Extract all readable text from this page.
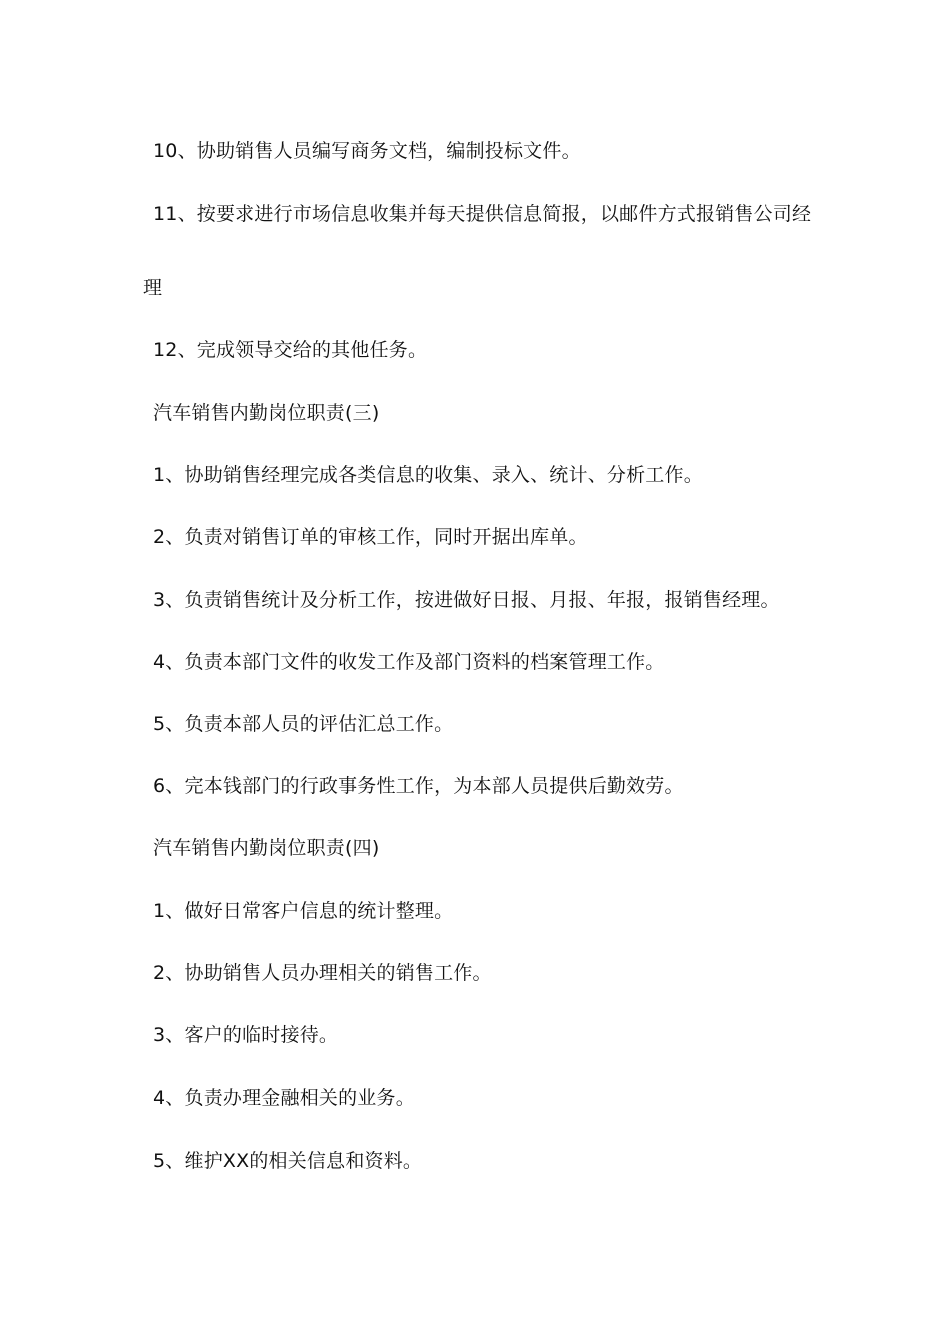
10、协助销售人员编写商务文档，编制投标文件。
11、按要求进行市场信息收集并每天提供信息简报，以邮件方式报销售公司经
理
12、完成领导交给的其他任务。
汽车销售内勤岗位职责(三)
1、协助销售经理完成各类信息的收集、录入、统计、分析工作。
2、负责对销售订单的审核工作，同时开据出库单。
3、负责销售统计及分析工作，按进做好日报、月报、年报，报销售经理。
4、负责本部门文件的收发工作及部门资料的档案管理工作。
5、负责本部人员的评估汇总工作。
6、完本钱部门的行政事务性工作，为本部人员提供后勤效劳。
汽车销售内勤岗位职责(四)
1、做好日常客户信息的统计整理。
2、协助销售人员办理相关的销售工作。
3、客户的临时接待。
4、负责办理金融相关的业务。
5、维护XX的相关信息和资料。
